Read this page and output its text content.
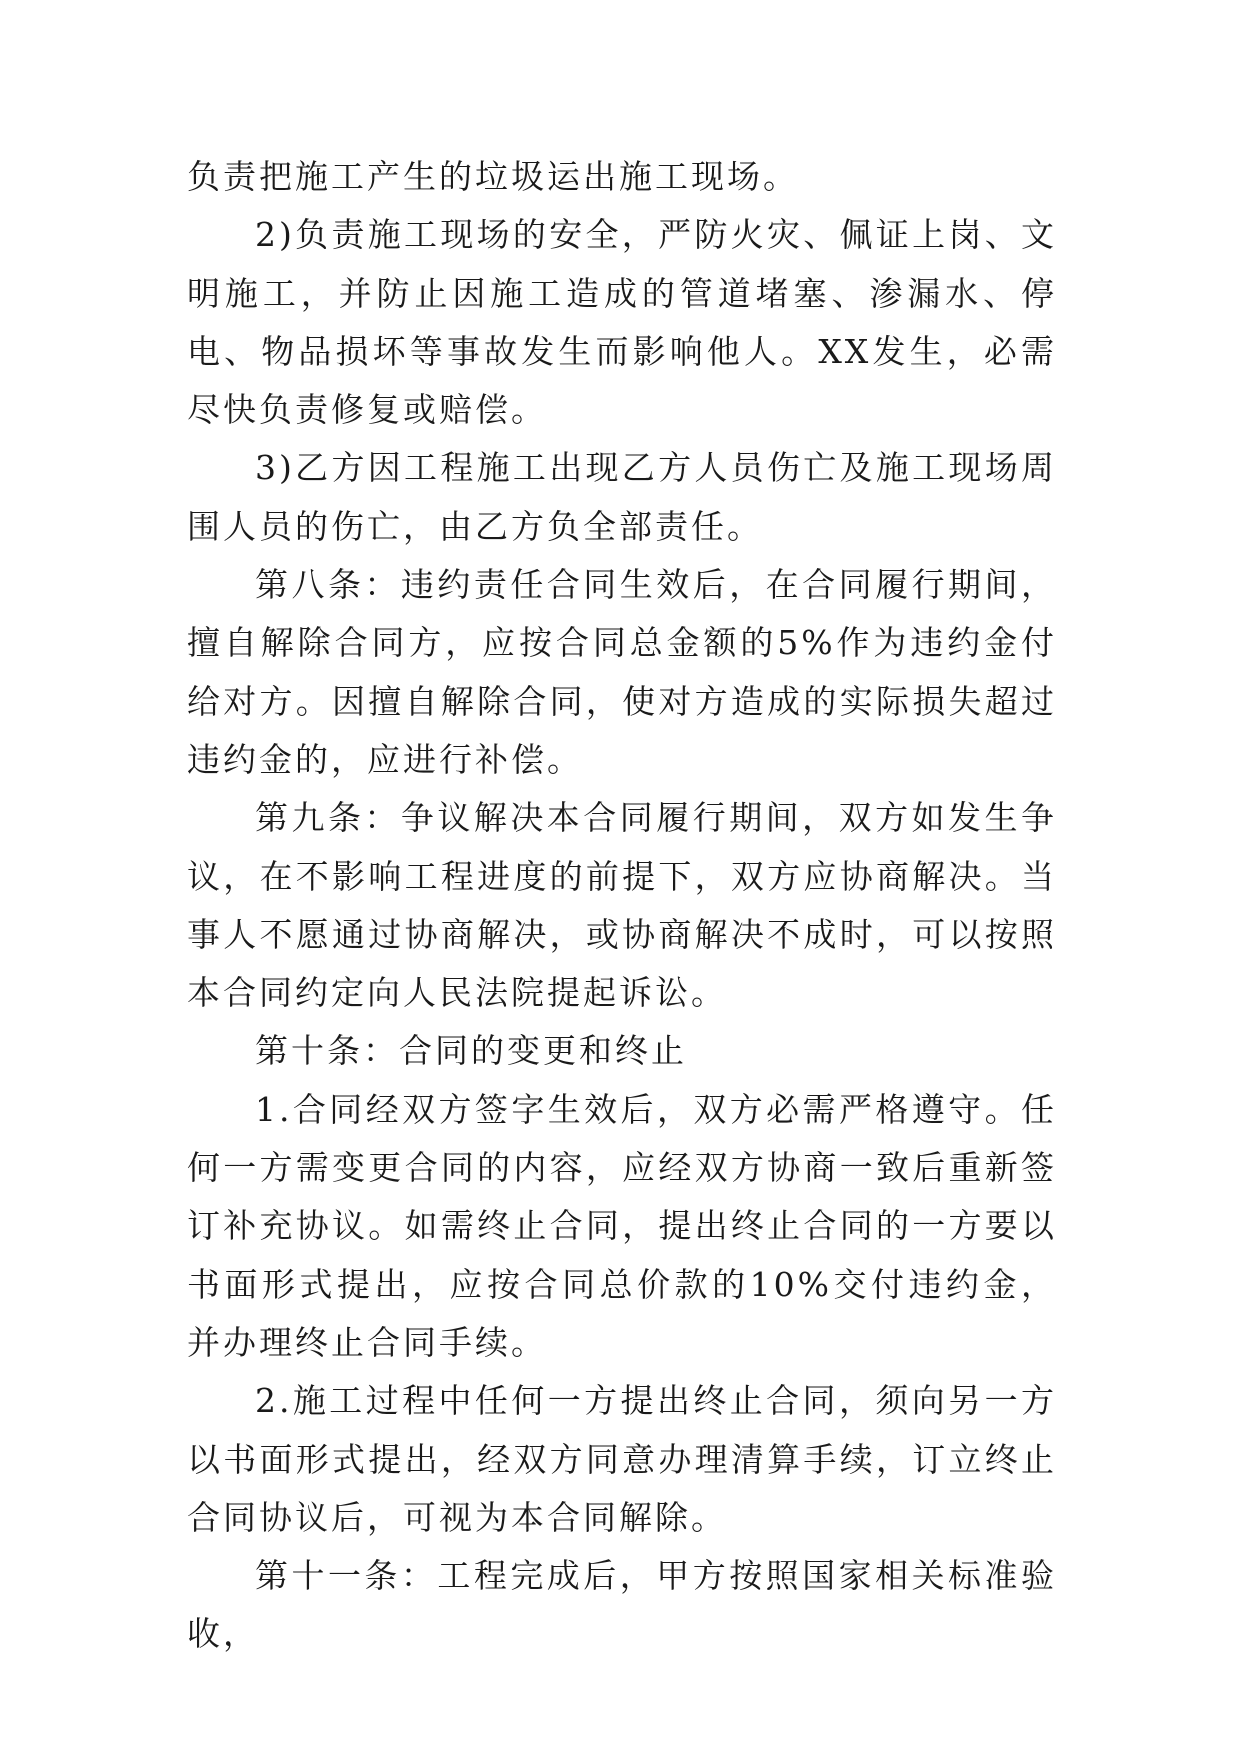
负责把施工产生的垃圾运出施工现场。

2)负责施工现场的安全，严防火灾、佩证上岗、文明施工，并防止因施工造成的管道堵塞、渗漏水、停电、物品损坏等事故发生而影响他人。XX发生，必需尽快负责修复或赔偿。

3)乙方因工程施工出现乙方人员伤亡及施工现场周围人员的伤亡，由乙方负全部责任。

第八条：违约责任合同生效后，在合同履行期间，擅自解除合同方，应按合同总金额的5%作为违约金付给对方。因擅自解除合同，使对方造成的实际损失超过违约金的，应进行补偿。

第九条：争议解决本合同履行期间，双方如发生争议，在不影响工程进度的前提下，双方应协商解决。当事人不愿通过协商解决，或协商解决不成时，可以按照本合同约定向人民法院提起诉讼。

第十条：合同的变更和终止

1.合同经双方签字生效后，双方必需严格遵守。任何一方需变更合同的内容，应经双方协商一致后重新签订补充协议。如需终止合同，提出终止合同的一方要以书面形式提出，应按合同总价款的10%交付违约金，并办理终止合同手续。

2.施工过程中任何一方提出终止合同，须向另一方以书面形式提出，经双方同意办理清算手续，订立终止合同协议后，可视为本合同解除。

第十一条：工程完成后，甲方按照国家相关标准验收，
